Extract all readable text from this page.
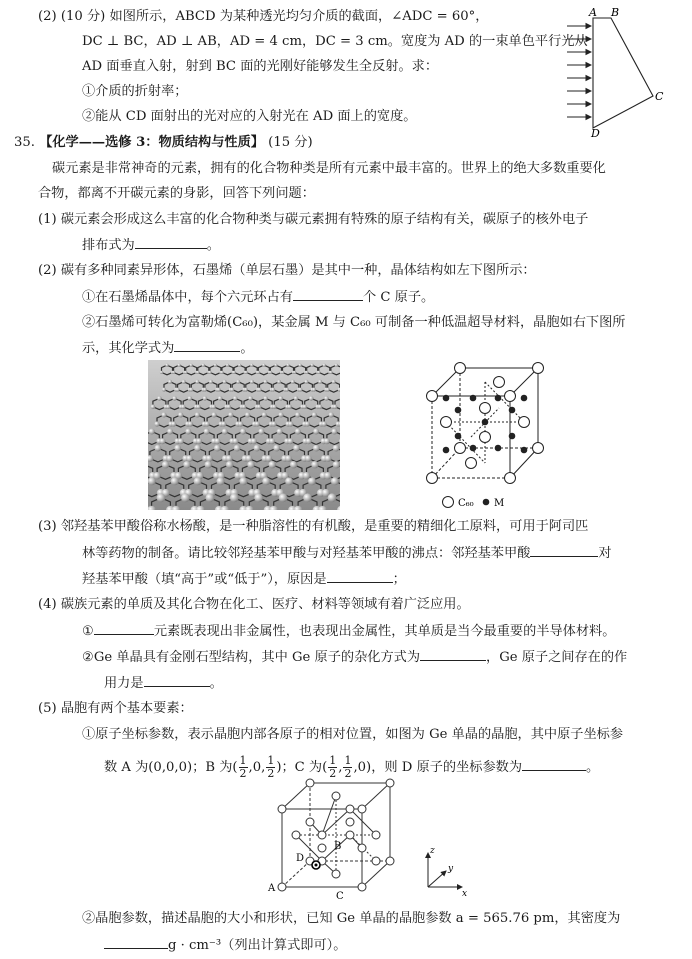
(2) (10 分) 如图所示，ABCD 为某种透光均匀介质的截面，∠ADC = 60°，
DC ⊥ BC，AD ⊥ AB，AD = 4 cm，DC = 3 cm。宽度为 AD 的一束单色平行光从
AD 面垂直入射，射到 BC 面的光刚好能够发生全反射。求：
①介质的折射率；
②能从 CD 面射出的光对应的入射光在 AD 面上的宽度。
A B
C
D
35. 【化学——选修 3：物质结构与性质】 (15 分)
碳元素是非常神奇的元素，拥有的化合物种类是所有元素中最丰富的。世界上的绝大多数重要化
合物，都离不开碳元素的身影，回答下列问题：
(1) 碳元素会形成这么丰富的化合物种类与碳元素拥有特殊的原子结构有关，碳原子的核外电子
排布式为	。
(2) 碳有多种同素异形体，石墨烯（单层石墨）是其中一种，晶体结构如左下图所示：
①在石墨烯晶体中，每个六元环占有	个 C 原子。
②石墨烯可转化为富勒烯(C₆₀)，某金属 M 与 C₆₀ 可制备一种低温超导材料，晶胞如右下图所
示，其化学式为	。
C₆₀ M
(3) 邻羟基苯甲酸俗称水杨酸，是一种脂溶性的有机酸，是重要的精细化工原料，可用于阿司匹
林等药物的制备。请比较邻羟基苯甲酸与对羟基苯甲酸的沸点：邻羟基苯甲酸	对
羟基苯甲酸（填“高于”或“低于”），原因是	；
(4) 碳族元素的单质及其化合物在化工、医疗、材料等领域有着广泛应用。
①	元素既表现出非金属性，也表现出金属性，其单质是当今最重要的半导体材料。
②Ge 单晶具有金刚石型结构，其中 Ge 原子的杂化方式为	，Ge 原子之间存在的作
用力是	。
(5) 晶胞有两个基本要素：
①原子坐标参数，表示晶胞内部各原子的相对位置，如图为 Ge 单晶的晶胞，其中原子坐标参
数 A 为(0,0,0)；B 为( $\frac{1}{2} ,0$, $\frac{1}{2}$ )；C 为( $\frac{1}{2}$ , $\frac{1}{2} ,0$)，则 D 原子的坐标参数为	。
A
B
C
D
z
y
x
②晶胞参数，描述晶胞的大小和形状，已知 Ge 单晶的晶胞参数 a = 565.76 pm，其密度为
g · cm⁻³（列出计算式即可）。
